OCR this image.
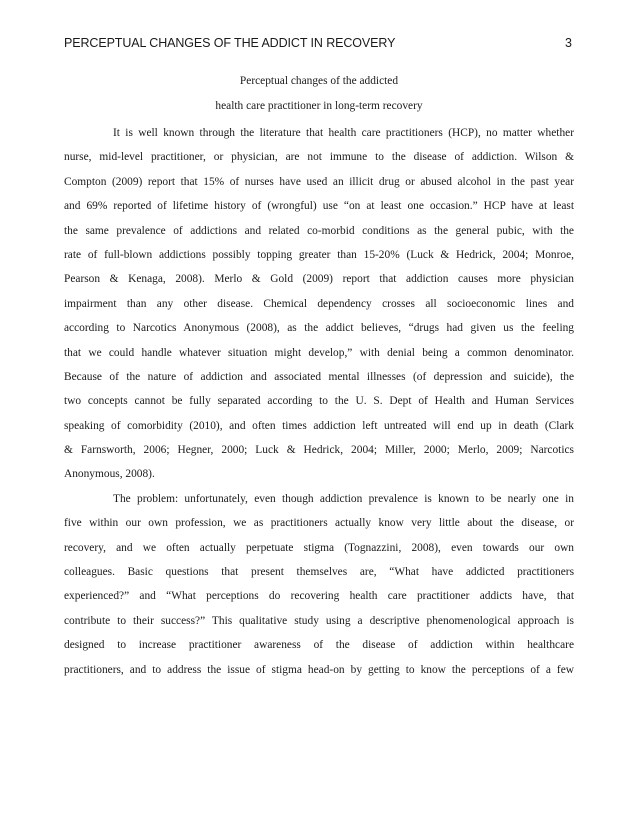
PERCEPTUAL CHANGES OF THE ADDICT IN RECOVERY	3
Perceptual changes of the addicted
health care practitioner in long-term recovery
It is well known through the literature that health care practitioners (HCP), no matter whether
nurse, mid-level practitioner, or physician, are not immune to the disease of addiction. Wilson &
Compton (2009) report that 15% of nurses have used an illicit drug or abused alcohol in the past year
and 69% reported of lifetime history of (wrongful) use “on at least one occasion.” HCP have at least
the same prevalence of addictions and related co-morbid conditions as the general pubic, with the
rate of full-blown addictions possibly topping greater than 15-20% (Luck & Hedrick, 2004; Monroe,
Pearson & Kenaga, 2008). Merlo & Gold (2009) report that addiction causes more physician
impairment than any other disease. Chemical dependency crosses all socioeconomic lines and
according to Narcotics Anonymous (2008), as the addict believes, “drugs had given us the feeling
that we could handle whatever situation might develop,” with denial being a common denominator.
Because of the nature of addiction and associated mental illnesses (of depression and suicide), the
two concepts cannot be fully separated according to the U. S. Dept of Health and Human Services
speaking of comorbidity (2010), and often times addiction left untreated will end up in death (Clark
& Farnsworth, 2006; Hegner, 2000; Luck & Hedrick, 2004; Miller, 2000; Merlo, 2009; Narcotics
Anonymous, 2008).
The problem: unfortunately, even though addiction prevalence is known to be nearly one in
five within our own profession, we as practitioners actually know very little about the disease, or
recovery, and we often actually perpetuate stigma (Tognazzini, 2008), even towards our own
colleagues. Basic questions that present themselves are, “What have addicted practitioners
experienced?” and “What perceptions do recovering health care practitioner addicts have, that
contribute to their success?” This qualitative study using a descriptive phenomenological approach is
designed to increase practitioner awareness of the disease of addiction within healthcare
practitioners, and to address the issue of stigma head-on by getting to know the perceptions of a few
